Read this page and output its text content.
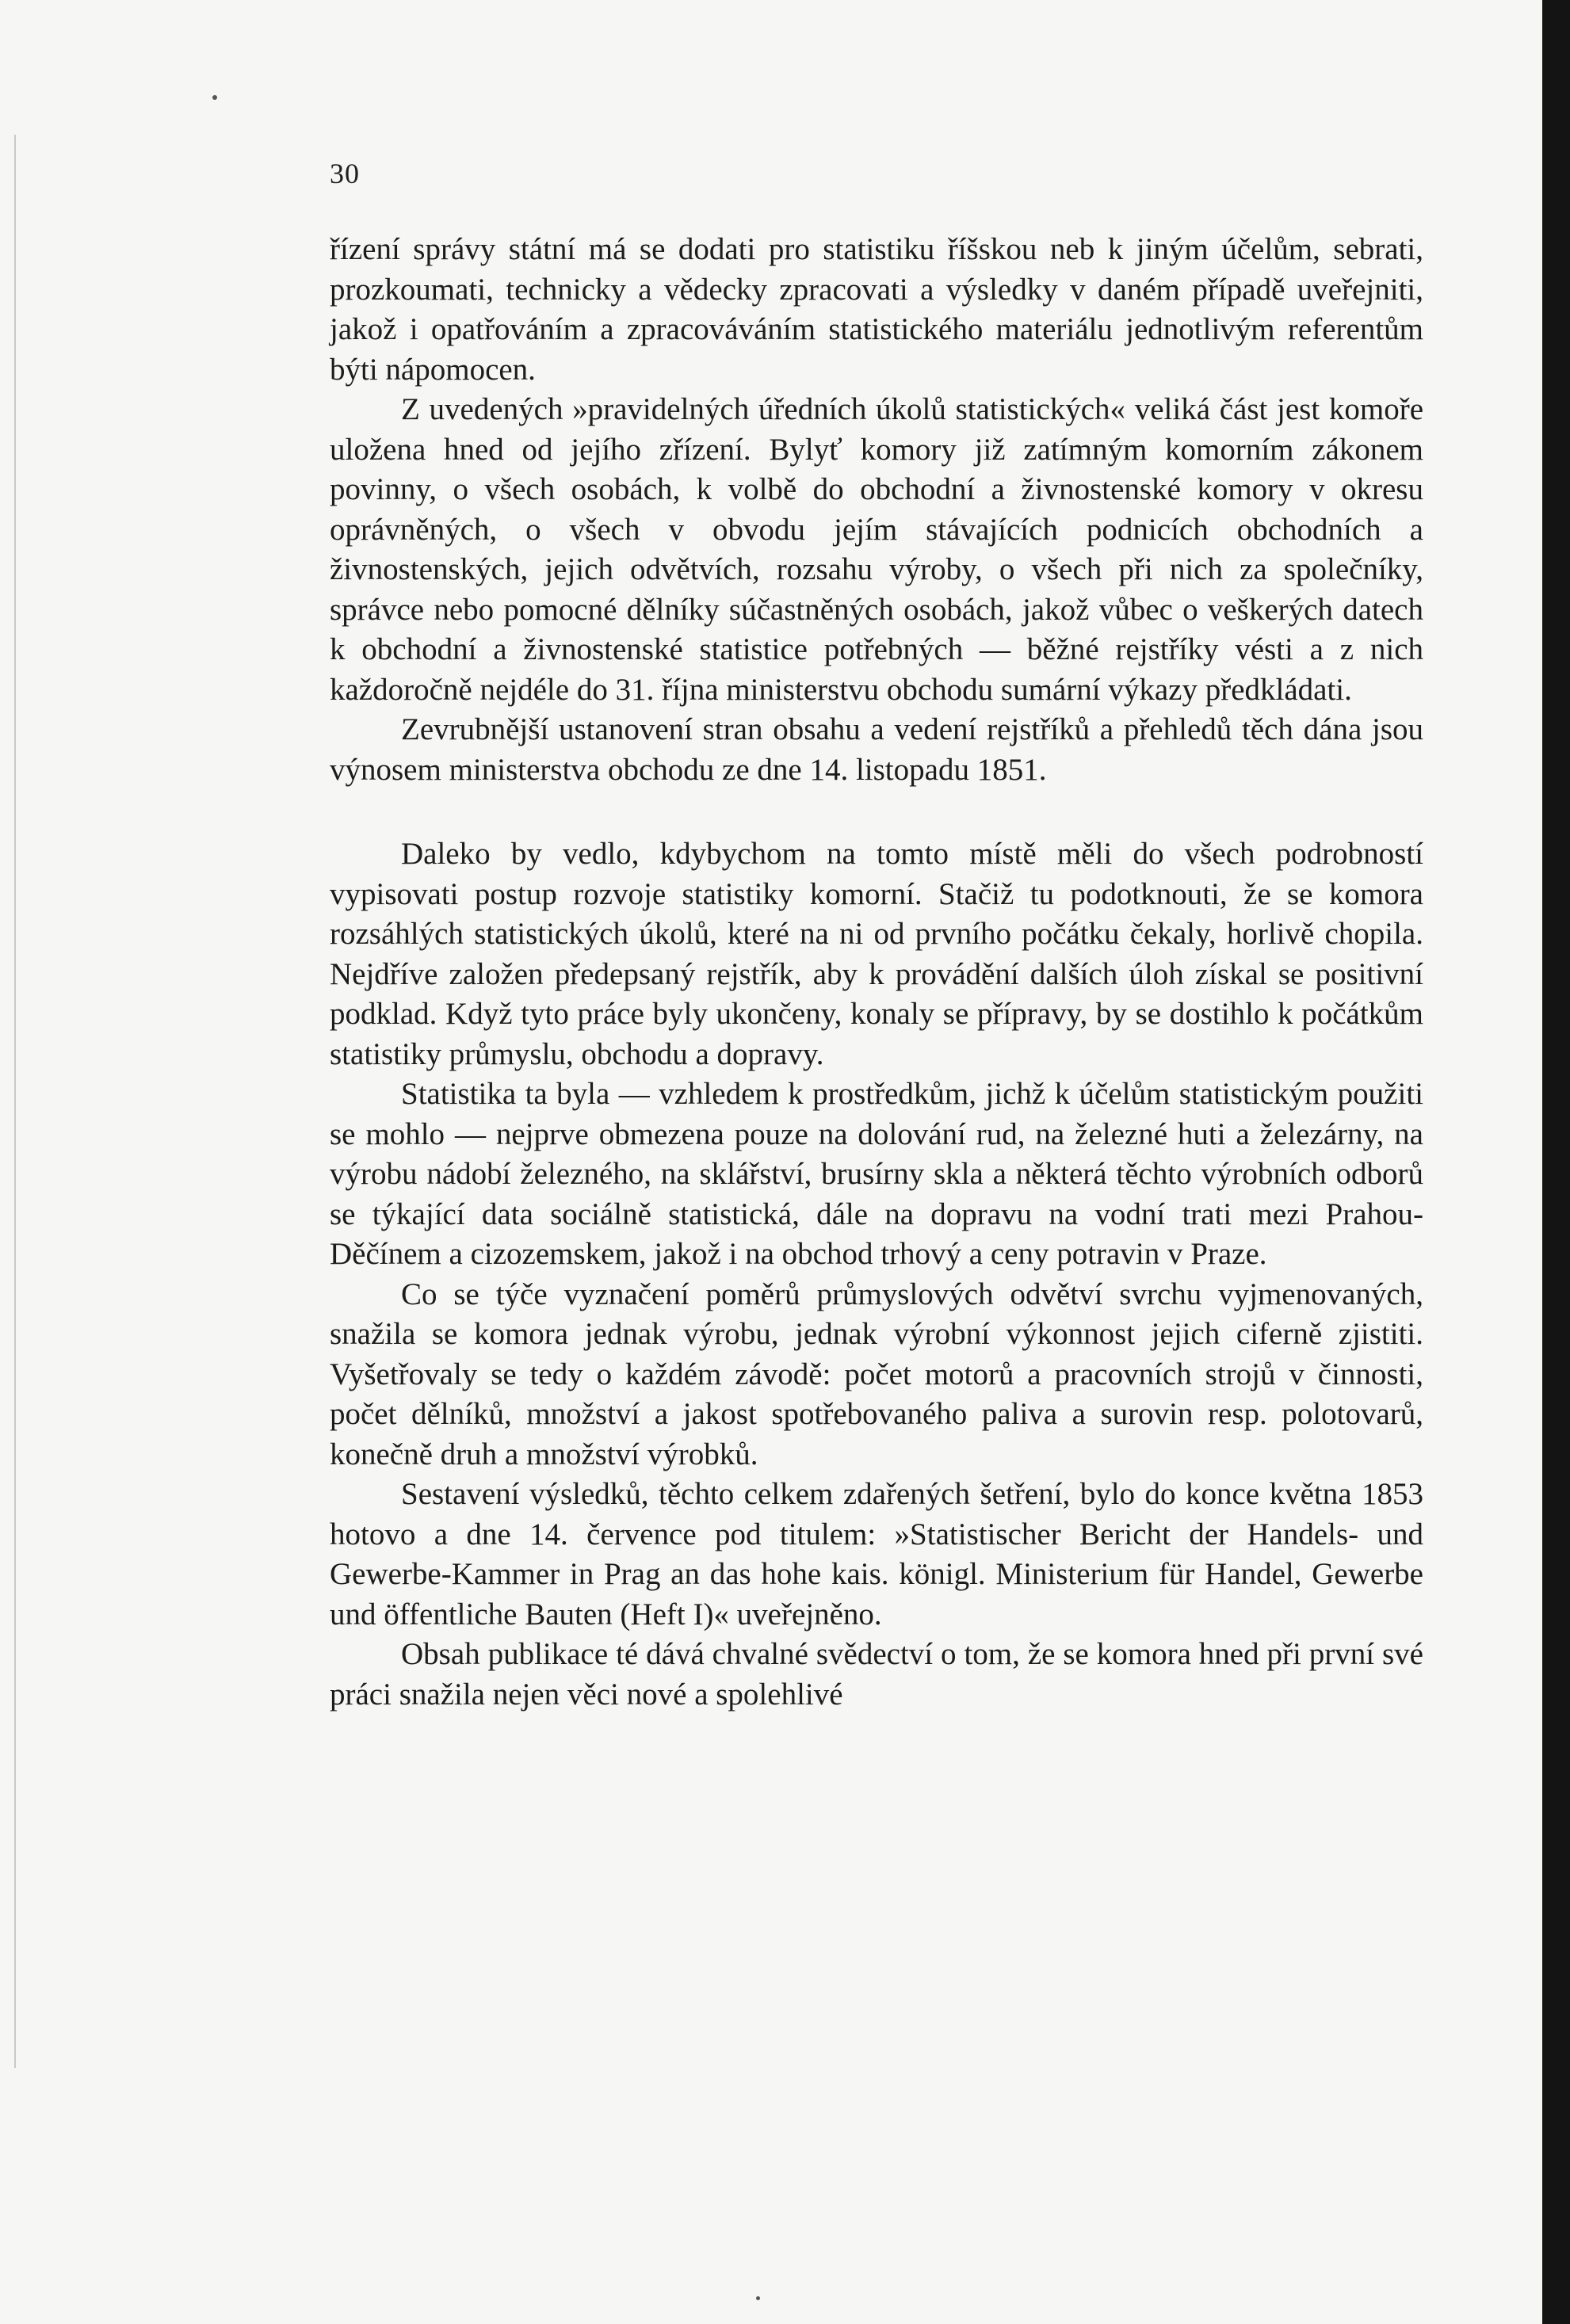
30

řízení správy státní má se dodati pro statistiku říšskou neb k jiným účelům, sebrati, prozkoumati, technicky a vědecky zpracovati a výsledky v daném případě uveřejniti, jakož i opatřováním a zpracováváním statistického materiálu jednotlivým referentům býti nápomocen.

Z uvedených »pravidelných úředních úkolů statistických« veliká část jest komoře uložena hned od jejího zřízení. Bylyť komory již zatímným komorním zákonem povinny, o všech osobách, k volbě do obchodní a živnostenské komory v okresu oprávněných, o všech v obvodu jejím stávajících podnicích obchodních a živnostenských, jejich odvětvích, rozsahu výroby, o všech při nich za společníky, správce nebo pomocné dělníky súčastněných osobách, jakož vůbec o veškerých datech k obchodní a živnostenské statistice potřebných — běžné rejstříky vésti a z nich každoročně nejdéle do 31. října ministerstvu obchodu sumární výkazy předkládati.

Zevrubnější ustanovení stran obsahu a vedení rejstříků a přehledů těch dána jsou výnosem ministerstva obchodu ze dne 14. listopadu 1851.

Daleko by vedlo, kdybychom na tomto místě měli do všech podrobností vypisovati postup rozvoje statistiky komorní. Stačiž tu podotknouti, že se komora rozsáhlých statistických úkolů, které na ni od prvního počátku čekaly, horlivě chopila. Nejdříve založen předepsaný rejstřík, aby k provádění dalších úloh získal se positivní podklad. Když tyto práce byly ukončeny, konaly se přípravy, by se dostihlo k počátkům statistiky průmyslu, obchodu a dopravy.

Statistika ta byla — vzhledem k prostředkům, jichž k účelům statistickým použiti se mohlo — nejprve obmezena pouze na dolování rud, na železné huti a železárny, na výrobu nádobí železného, na sklářství, brusírny skla a některá těchto výrobních odborů se týkající data sociálně statistická, dále na dopravu na vodní trati mezi Prahou-Děčínem a cizozemskem, jakož i na obchod trhový a ceny potravin v Praze.

Co se týče vyznačení poměrů průmyslových odvětví svrchu vyjmenovaných, snažila se komora jednak výrobu, jednak výrobní výkonnost jejich ciferně zjistiti. Vyšetřovaly se tedy o každém závodě: počet motorů a pracovních strojů v činnosti, počet dělníků, množství a jakost spotřebovaného paliva a surovin resp. polotovarů, konečně druh a množství výrobků.

Sestavení výsledků, těchto celkem zdařených šetření, bylo do konce května 1853 hotovo a dne 14. července pod titulem: »Statistischer Bericht der Handels- und Gewerbe-Kammer in Prag an das hohe kais. königl. Ministerium für Handel, Gewerbe und öffentliche Bauten (Heft I)« uveřejněno.

Obsah publikace té dává chvalné svědectví o tom, že se komora hned při první své práci snažila nejen věci nové a spolehlivé
